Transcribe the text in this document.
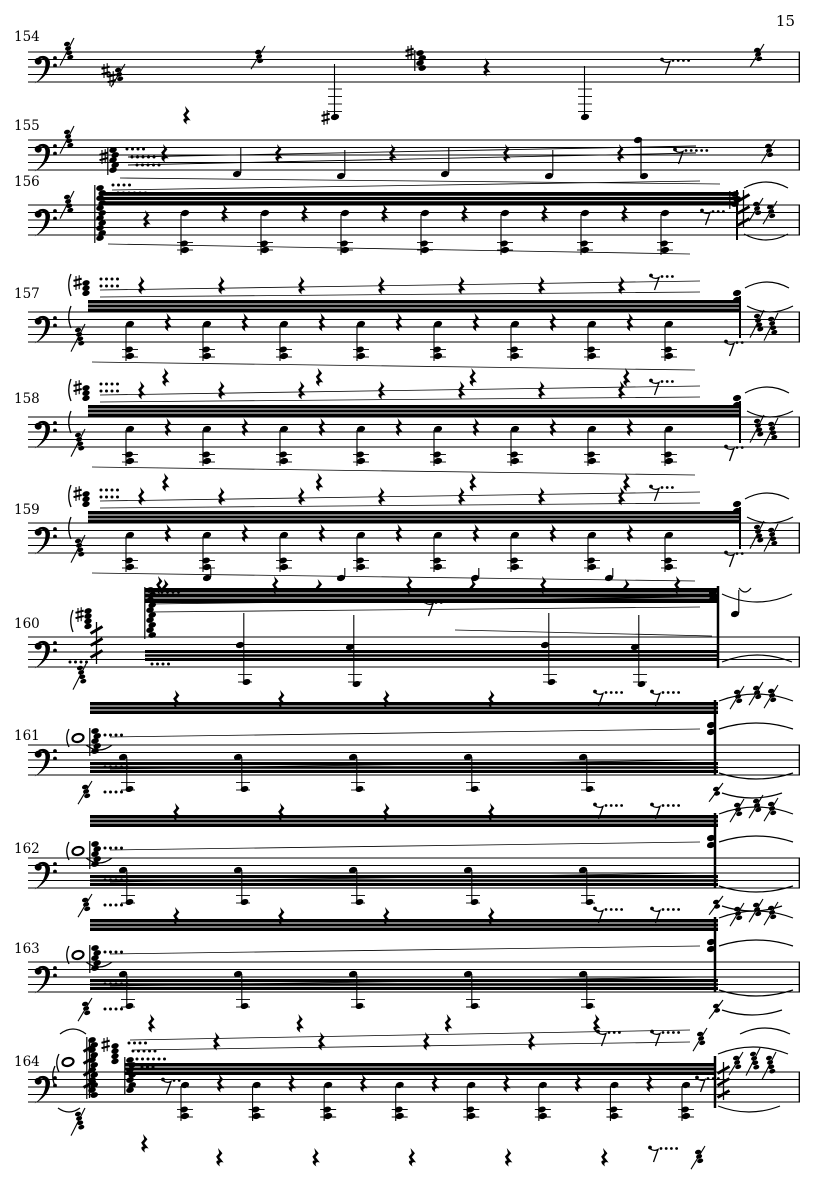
15
154
155
156
157
158
159
160
161
162
163
164
